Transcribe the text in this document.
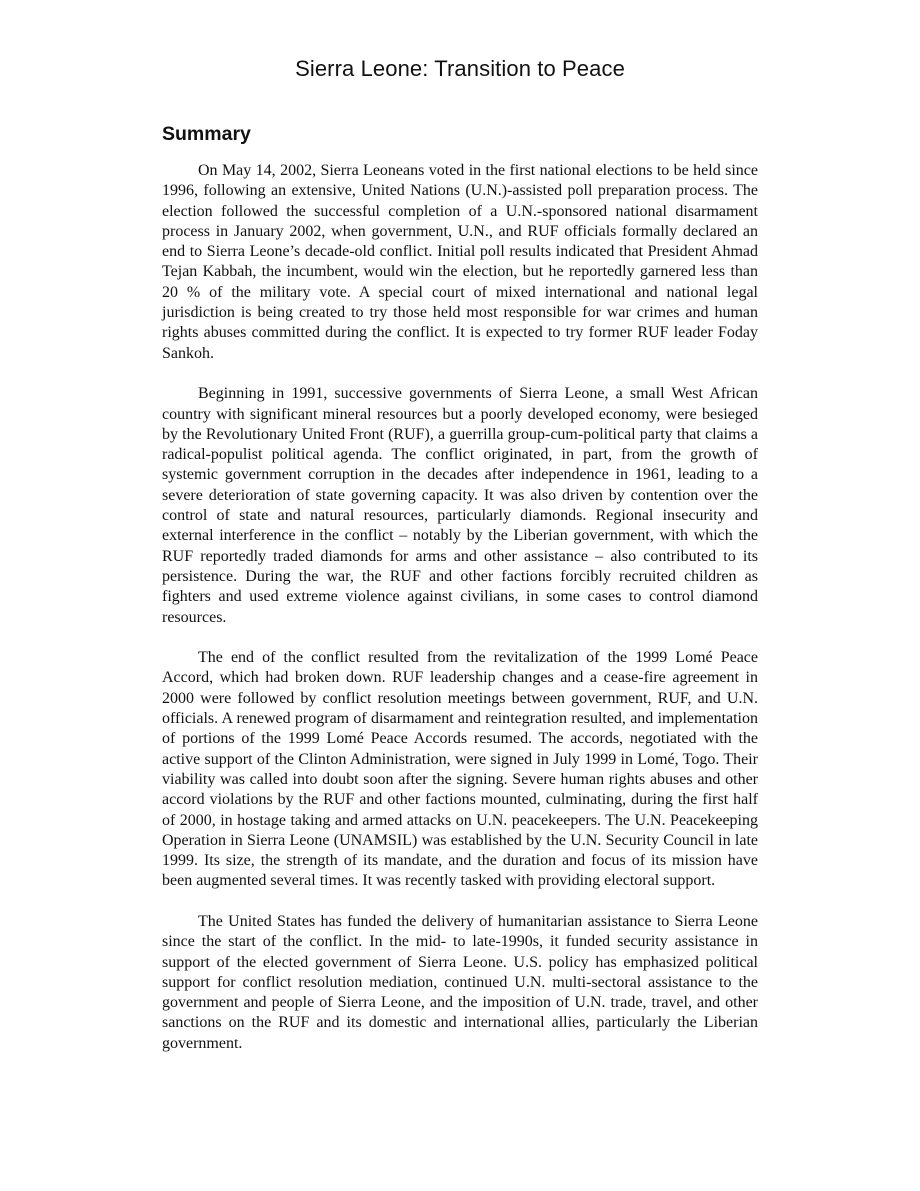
Sierra Leone: Transition to Peace
Summary

On May 14, 2002, Sierra Leoneans voted in the first national elections to be held since 1996, following an extensive, United Nations (U.N.)-assisted poll preparation process. The election followed the successful completion of a U.N.-sponsored national disarmament process in January 2002, when government, U.N., and RUF officials formally declared an end to Sierra Leone’s decade-old conflict. Initial poll results indicated that President Ahmad Tejan Kabbah, the incumbent, would win the election, but he reportedly garnered less than 20 % of the military vote. A special court of mixed international and national legal jurisdiction is being created to try those held most responsible for war crimes and human rights abuses committed during the conflict. It is expected to try former RUF leader Foday Sankoh.

Beginning in 1991, successive governments of Sierra Leone, a small West African country with significant mineral resources but a poorly developed economy, were besieged by the Revolutionary United Front (RUF), a guerrilla group-cum-political party that claims a radical-populist political agenda. The conflict originated, in part, from the growth of systemic government corruption in the decades after independence in 1961, leading to a severe deterioration of state governing capacity. It was also driven by contention over the control of state and natural resources, particularly diamonds. Regional insecurity and external interference in the conflict – notably by the Liberian government, with which the RUF reportedly traded diamonds for arms and other assistance – also contributed to its persistence. During the war, the RUF and other factions forcibly recruited children as fighters and used extreme violence against civilians, in some cases to control diamond resources.

The end of the conflict resulted from the revitalization of the 1999 Lomé Peace Accord, which had broken down. RUF leadership changes and a cease-fire agreement in 2000 were followed by conflict resolution meetings between government, RUF, and U.N. officials. A renewed program of disarmament and reintegration resulted, and implementation of portions of the 1999 Lomé Peace Accords resumed. The accords, negotiated with the active support of the Clinton Administration, were signed in July 1999 in Lomé, Togo. Their viability was called into doubt soon after the signing. Severe human rights abuses and other accord violations by the RUF and other factions mounted, culminating, during the first half of 2000, in hostage taking and armed attacks on U.N. peacekeepers. The U.N. Peacekeeping Operation in Sierra Leone (UNAMSIL) was established by the U.N. Security Council in late 1999. Its size, the strength of its mandate, and the duration and focus of its mission have been augmented several times. It was recently tasked with providing electoral support.

The United States has funded the delivery of humanitarian assistance to Sierra Leone since the start of the conflict. In the mid- to late-1990s, it funded security assistance in support of the elected government of Sierra Leone. U.S. policy has emphasized political support for conflict resolution mediation, continued U.N. multi-sectoral assistance to the government and people of Sierra Leone, and the imposition of U.N. trade, travel, and other sanctions on the RUF and its domestic and international allies, particularly the Liberian government.
